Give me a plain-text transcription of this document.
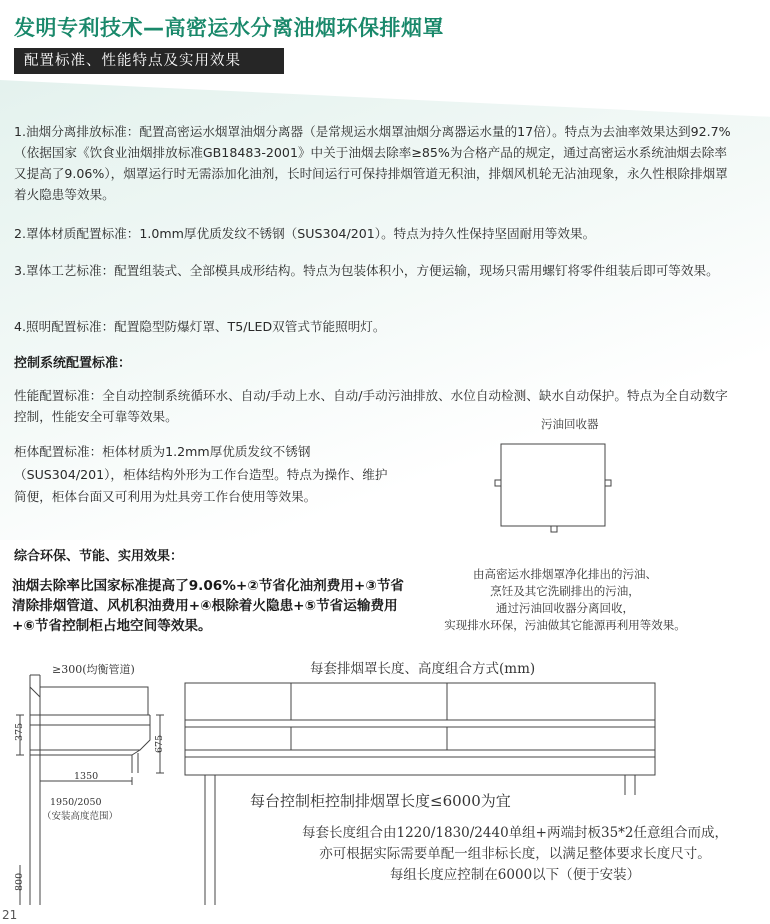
发明专利技术—高密运水分离油烟环保排烟罩
配置标准、性能特点及实用效果

1.油烟分离排放标准：配置高密运水烟罩油烟分离器（是常规运水烟罩油烟分离器运水量的17倍）。特点为去油率效果达到92.7%（依据国家《饮食业油烟排放标准GB18483-2001》中关于油烟去除率≥85%为合格产品的规定，通过高密运水系统油烟去除率又提高了9.06%），烟罩运行时无需添加化油剂，长时间运行可保持排烟管道无积油，排烟风机轮无沾油现象，永久性根除排烟罩着火隐患等效果。

2.罩体材质配置标准：1.0mm厚优质发纹不锈钢（SUS304/201）。特点为持久性保持坚固耐用等效果。

3.罩体工艺标准：配置组装式、全部模具成形结构。特点为包装体积小，方便运输，现场只需用螺钉将零件组装后即可等效果。

4.照明配置标准：配置隐型防爆灯罩、T5/LED双管式节能照明灯。

控制系统配置标准：

性能配置标准：全自动控制系统循环水、自动/手动上水、自动/手动污油排放、水位自动检测、缺水自动保护。特点为全自动数字控制，性能安全可靠等效果。

柜体配置标准：柜体材质为1.2mm厚优质发纹不锈钢（SUS304/201），柜体结构外形为工作台造型。特点为操作、维护简便，柜体台面又可利用为灶具旁工作台使用等效果。

综合环保、节能、实用效果：

油烟去除率比国家标准提高了9.06%+②节省化油剂费用+③节省清除排烟管道、风机积油费用+④根除着火隐患+⑤节省运输费用+⑥节省控制柜占地空间等效果。

污油回收器

由高密运水排烟罩净化排出的污油、
烹饪及其它洗刷排出的污油，
通过污油回收器分离回收，
实现排水环保，污油做其它能源再利用等效果。

≥300(均衡管道)
375
675
1350
1950/2050
（安装高度范围）
800
每套排烟罩长度、高度组合方式(mm)
每台控制柜控制排烟罩长度≤6000为宜
每套长度组合由1220/1830/2440单组+两端封板35*2任意组合而成，
亦可根据实际需要单配一组非标长度，以满足整体要求长度尺寸。
每组长度应控制在6000以下（便于安装）
21
